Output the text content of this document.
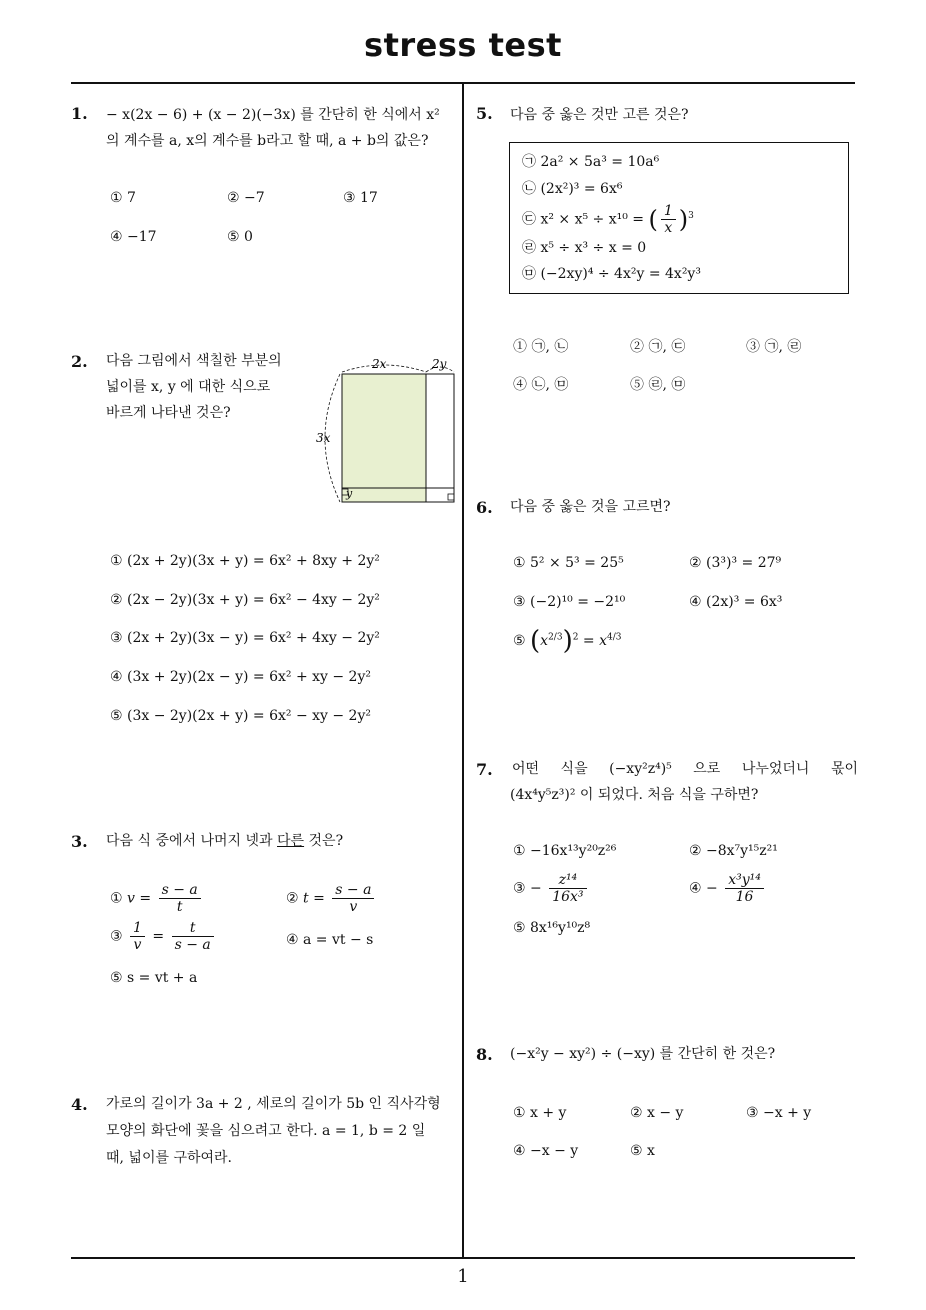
stress test
1
1. − x(2x − 6) + (x − 2)(−3x) 를 간단히 한 식에서 x²
의 계수를 a, x의 계수를 b라고 할 때, a + b의 값은?
① 7	② −7	③ 17
④ −17	⑤ 0
2. 다음 그림에서 색칠한 부분의
넓이를 x, y 에 대한 식으로
바르게 나타낸 것은?
2x	2y
3x
y
① (2x + 2y)(3x + y) = 6x² + 8xy + 2y²
② (2x − 2y)(3x + y) = 6x² − 4xy − 2y²
③ (2x + 2y)(3x − y) = 6x² + 4xy − 2y²
④ (3x + 2y)(2x − y) = 6x² + xy − 2y²
⑤ (3x − 2y)(2x + y) = 6x² − xy − 2y²
3. 다음 식 중에서 나머지 넷과 다른 것은?
① $v = \frac{s - a}{t}$	② $t = \frac{s - a}{v}$
③ $\frac{1}{v} = \frac{t}{s - a}$	④ a = vt − s
⑤ s = vt + a
4. 가로의 길이가 3a + 2 , 세로의 길이가 5b 인 직사각형
모양의 화단에 꽃을 심으려고 한다. a = 1, b = 2 일
때, 넓이를 구하여라.
5. 다음 중 옳은 것만 고른 것은?
㉠ 2a² × 5a³ = 10a⁶
㉡ (2x²)³ = 6x⁶
㉢ x² × x⁵ ÷ x¹⁰ = ( $\frac{1}{x} )^3$
㉣ x⁵ ÷ x³ ÷ x = 0
㉤ (−2xy)⁴ ÷ 4x²y = 4x²y³
① ㉠, ㉡	② ㉠, ㉢	③ ㉠, ㉣
④ ㉡, ㉤	⑤ ㉣, ㉤
6. 다음 중 옳은 것을 고르면?
① 5² × 5³ = 25⁵	② (3³)³ = 27⁹
③ (−2)¹⁰ = −2¹⁰	④ (2x)³ = 6x³
⑤ $(x^{2/3})^2 = x^{4/3}$
7. 어떤 식을 (−xy²z⁴)⁵ 으로 나누었더니 몫이
(4x⁴y⁵z³)² 이 되었다. 처음 식을 구하면?
① −16x¹³y²⁰z²⁶	② −8x⁷y¹⁵z²¹
③ − $\frac{\text{z¹⁴}}{\text{16x³}}$	④ − $\frac{\text{x³y¹⁴}}{16}$
⑤ 8x¹⁶y¹⁰z⁸
8. (−x²y − xy²) ÷ (−xy) 를 간단히 한 것은?
① x + y	② x − y	③ −x + y
④ −x − y	⑤ x
